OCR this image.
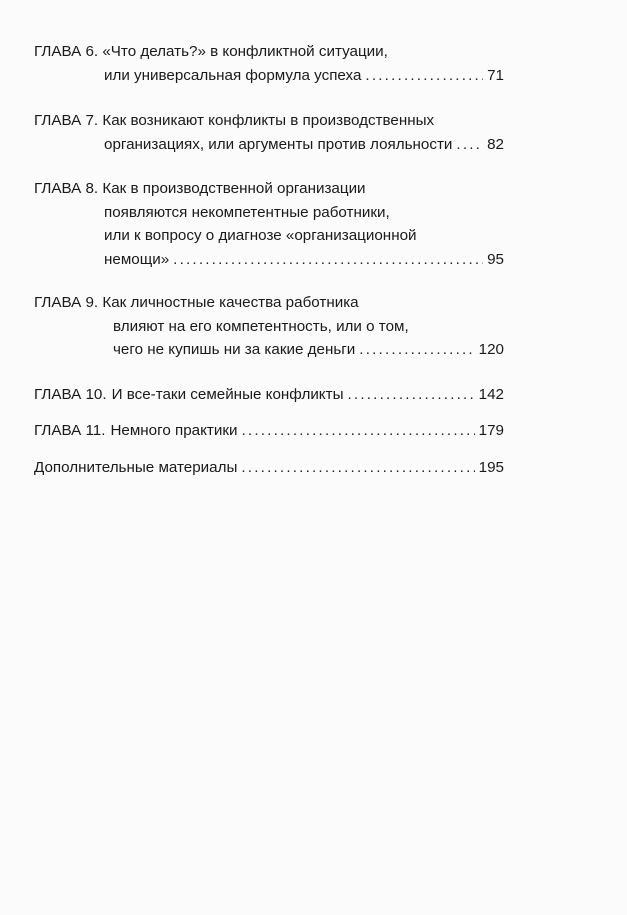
ГЛАВА 6. «Что делать?» в конфликтной ситуации,
или универсальная формула успеха .....	71
ГЛАВА 7. Как возникают конфликты в производственных
организациях, или аргументы против лояльности ..... 82
ГЛАВА 8. Как в производственной организации
появляются некомпетентные работники,
или к вопросу о диагнозе «организационной
немощи» .....	95
ГЛАВА 9. Как личностные качества работника
влияют на его компетентность, или о том,
чего не купишь ни за какие деньги .....	120
ГЛАВА 10. И все-таки семейные конфликты .....	142
ГЛАВА 11. Немного практики .....	179
Дополнительные материалы .....	195
